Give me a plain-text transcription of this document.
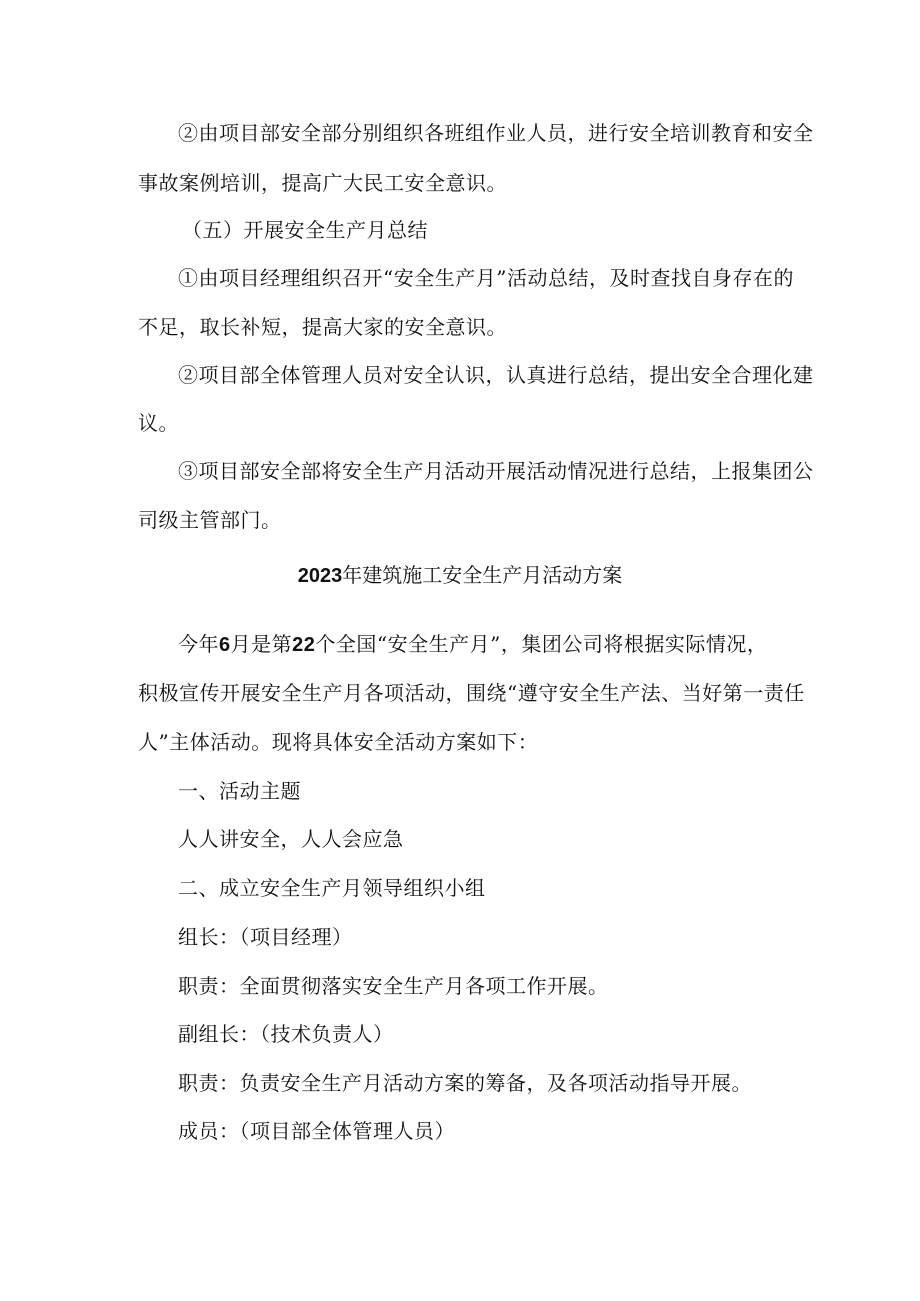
②由项目部安全部分别组织各班组作业人员，进行安全培训教育和安全
事故案例培训，提高广大民工安全意识。
（五）开展安全生产月总结
①由项目经理组织召开“安全生产月”活动总结，及时查找自身存在的
不足，取长补短，提高大家的安全意识。
②项目部全体管理人员对安全认识，认真进行总结，提出安全合理化建
议。
③项目部安全部将安全生产月活动开展活动情况进行总结，上报集团公
司级主管部门。
2023年建筑施工安全生产月活动方案
今年6月是第22个全国“安全生产月”，集团公司将根据实际情况，
积极宣传开展安全生产月各项活动，围绕“遵守安全生产法、当好第一责任
人”主体活动。现将具体安全活动方案如下：
一、活动主题
人人讲安全，人人会应急
二、成立安全生产月领导组织小组
组长：（项目经理）
职责：全面贯彻落实安全生产月各项工作开展。
副组长：（技术负责人）
职责：负责安全生产月活动方案的筹备，及各项活动指导开展。
成员：（项目部全体管理人员）
